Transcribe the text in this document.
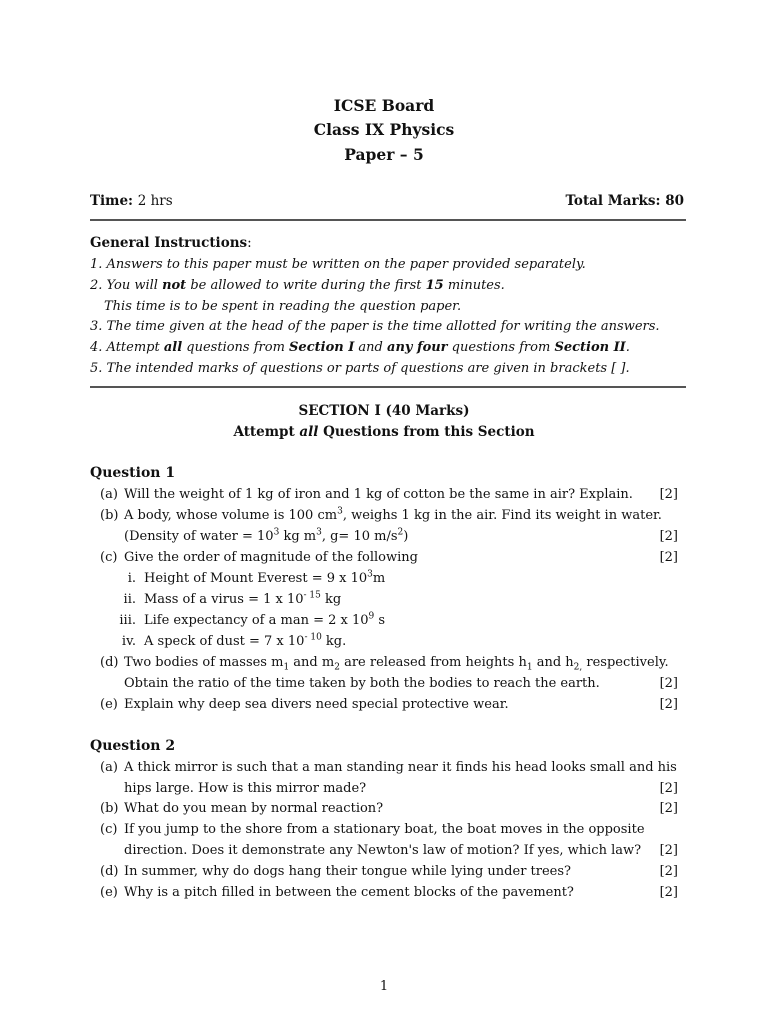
ICSE Board
Class IX Physics
Paper – 5
Time: 2 hrs	Total Marks: 80
General Instructions:
1. Answers to this paper must be written on the paper provided separately.
2. You will not be allowed to write during the first 15 minutes.
This time is to be spent in reading the question paper.
3. The time given at the head of the paper is the time allotted for writing the answers.
4. Attempt all questions from Section I and any four questions from Section II.
5. The intended marks of questions or parts of questions are given in brackets [ ].
SECTION I (40 Marks)
Attempt all Questions from this Section
Question 1
(a) Will the weight of 1 kg of iron and 1 kg of cotton be the same in air? Explain. [2]
(b) A body, whose volume is 100 $cm^3$, weighs 1 kg in the air. Find its weight in water.
(Density of water = $10^3$ kg $m^3$, g= 10 $m/s^2$)	[2]
(c) Give the order of magnitude of the following	[2]
i. Height of Mount Everest = 9 x $10^3m$
ii. Mass of a virus = 1 x $10^{- 15}$ kg
iii. Life expectancy of a man = 2 x $10^9$ s
iv. A speck of dust = 7 x $10^{- 10}$ kg.
(d) Two bodies of masses $m_1$ and $m_2$ are released from heights $h_1$ and $h_{2,}$ respectively.
Obtain the ratio of the time taken by both the bodies to reach the earth.	[2]
(e) Explain why deep sea divers need special protective wear.	[2]
Question 2
(a) A thick mirror is such that a man standing near it finds his head looks small and his
hips large. How is this mirror made?	[2]
(b) What do you mean by normal reaction?	[2]
(c) If you jump to the shore from a stationary boat, the boat moves in the opposite
direction. Does it demonstrate any Newton's law of motion? If yes, which law? [2]
(d) In summer, why do dogs hang their tongue while lying under trees?	[2]
(e) Why is a pitch filled in between the cement blocks of the pavement?	[2]
1
